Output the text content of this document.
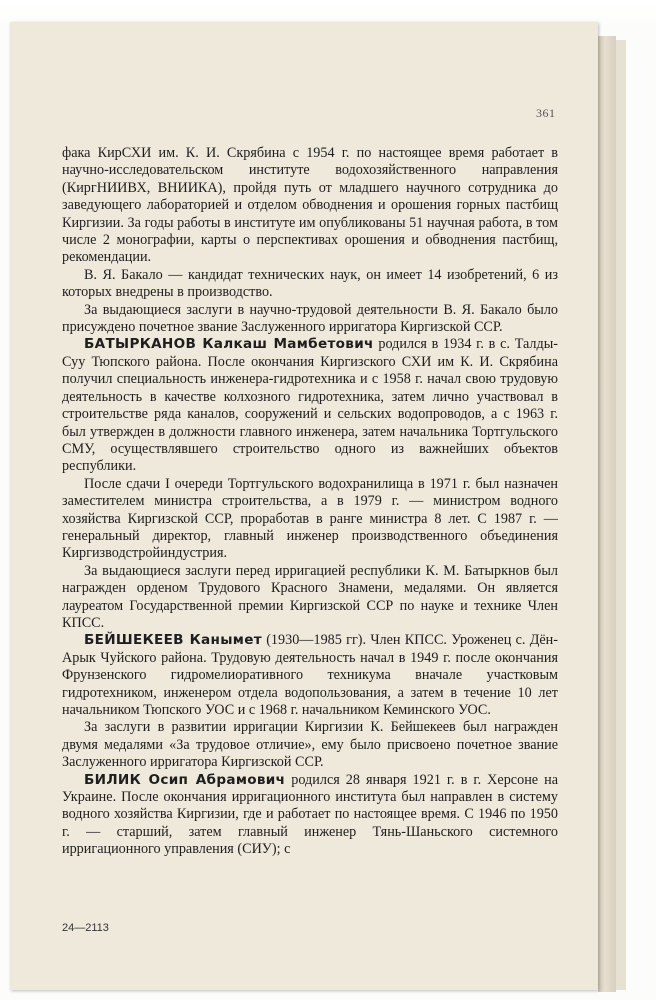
361

фака КирСХИ им. К. И. Скрябина с 1954 г. по настоящее время работает в научно-исследовательском институте водохозяйственного направления (КиргНИИВХ, ВНИИКА), пройдя путь от младшего научного сотрудника до заведующего лабораторией и отделом обводнения и орошения горных пастбищ Киргизии. За годы работы в институте им опубликованы 51 научная работа, в том числе 2 монографии, карты о перспективах орошения и обводнения пастбищ, рекомендации.

В. Я. Бакало — кандидат технических наук, он имеет 14 изобретений, 6 из которых внедрены в производство.

За выдающиеся заслуги в научно-трудовой деятельности В. Я. Бакало было присуждено почетное звание Заслуженного ирригатора Киргизской ССР.

БАТЫРКАНОВ Калкаш Мамбетович родился в 1934 г. в с. Талды-Суу Тюпского района. После окончания Киргизского СХИ им К. И. Скрябина получил специальность инженера-гидротехника и с 1958 г. начал свою трудовую деятельность в качестве колхозного гидротехника, затем лично участвовал в строительстве ряда каналов, сооружений и сельских водопроводов, а с 1963 г. был утвержден в должности главного инженера, затем начальника Тортгульского СМУ, осуществлявшего строительство одного из важнейших объектов республики.

После сдачи I очереди Тортгульского водохранилища в 1971 г. был назначен заместителем министра строительства, а в 1979 г. — министром водного хозяйства Киргизской ССР, проработав в ранге министра 8 лет. С 1987 г. — генеральный директор, главный инженер производственного объединения Киргизводстройиндустрия.

За выдающиеся заслуги перед ирригацией республики К. М. Батыркнов был награжден орденом Трудового Красного Знамени, медалями. Он является лауреатом Государственной премии Киргизской ССР по науке и технике Член КПСС.

БЕЙШЕКЕЕВ Канымет (1930—1985 гг). Член КПСС. Уроженец с. Дён-Арык Чуйского района. Трудовую деятельность начал в 1949 г. после окончания Фрунзенского гидромелиоративного техникума вначале участковым гидротехником, инженером отдела водопользования, а затем в течение 10 лет начальником Тюпского УОС и с 1968 г. начальником Кеминского УОС.

За заслуги в развитии ирригации Киргизии К. Бейшекеев был награжден двумя медалями «За трудовое отличие», ему было присвоено почетное звание Заслуженного ирригатора Киргизской ССР.

БИЛИК Осип Абрамович родился 28 января 1921 г. в г. Херсоне на Украине. После окончания ирригационного института был направлен в систему водного хозяйства Киргизии, где и работает по настоящее время. С 1946 по 1950 г. — старший, затем главный инженер Тянь-Шаньского системного ирригационного управления (СИУ); с

24—2113
